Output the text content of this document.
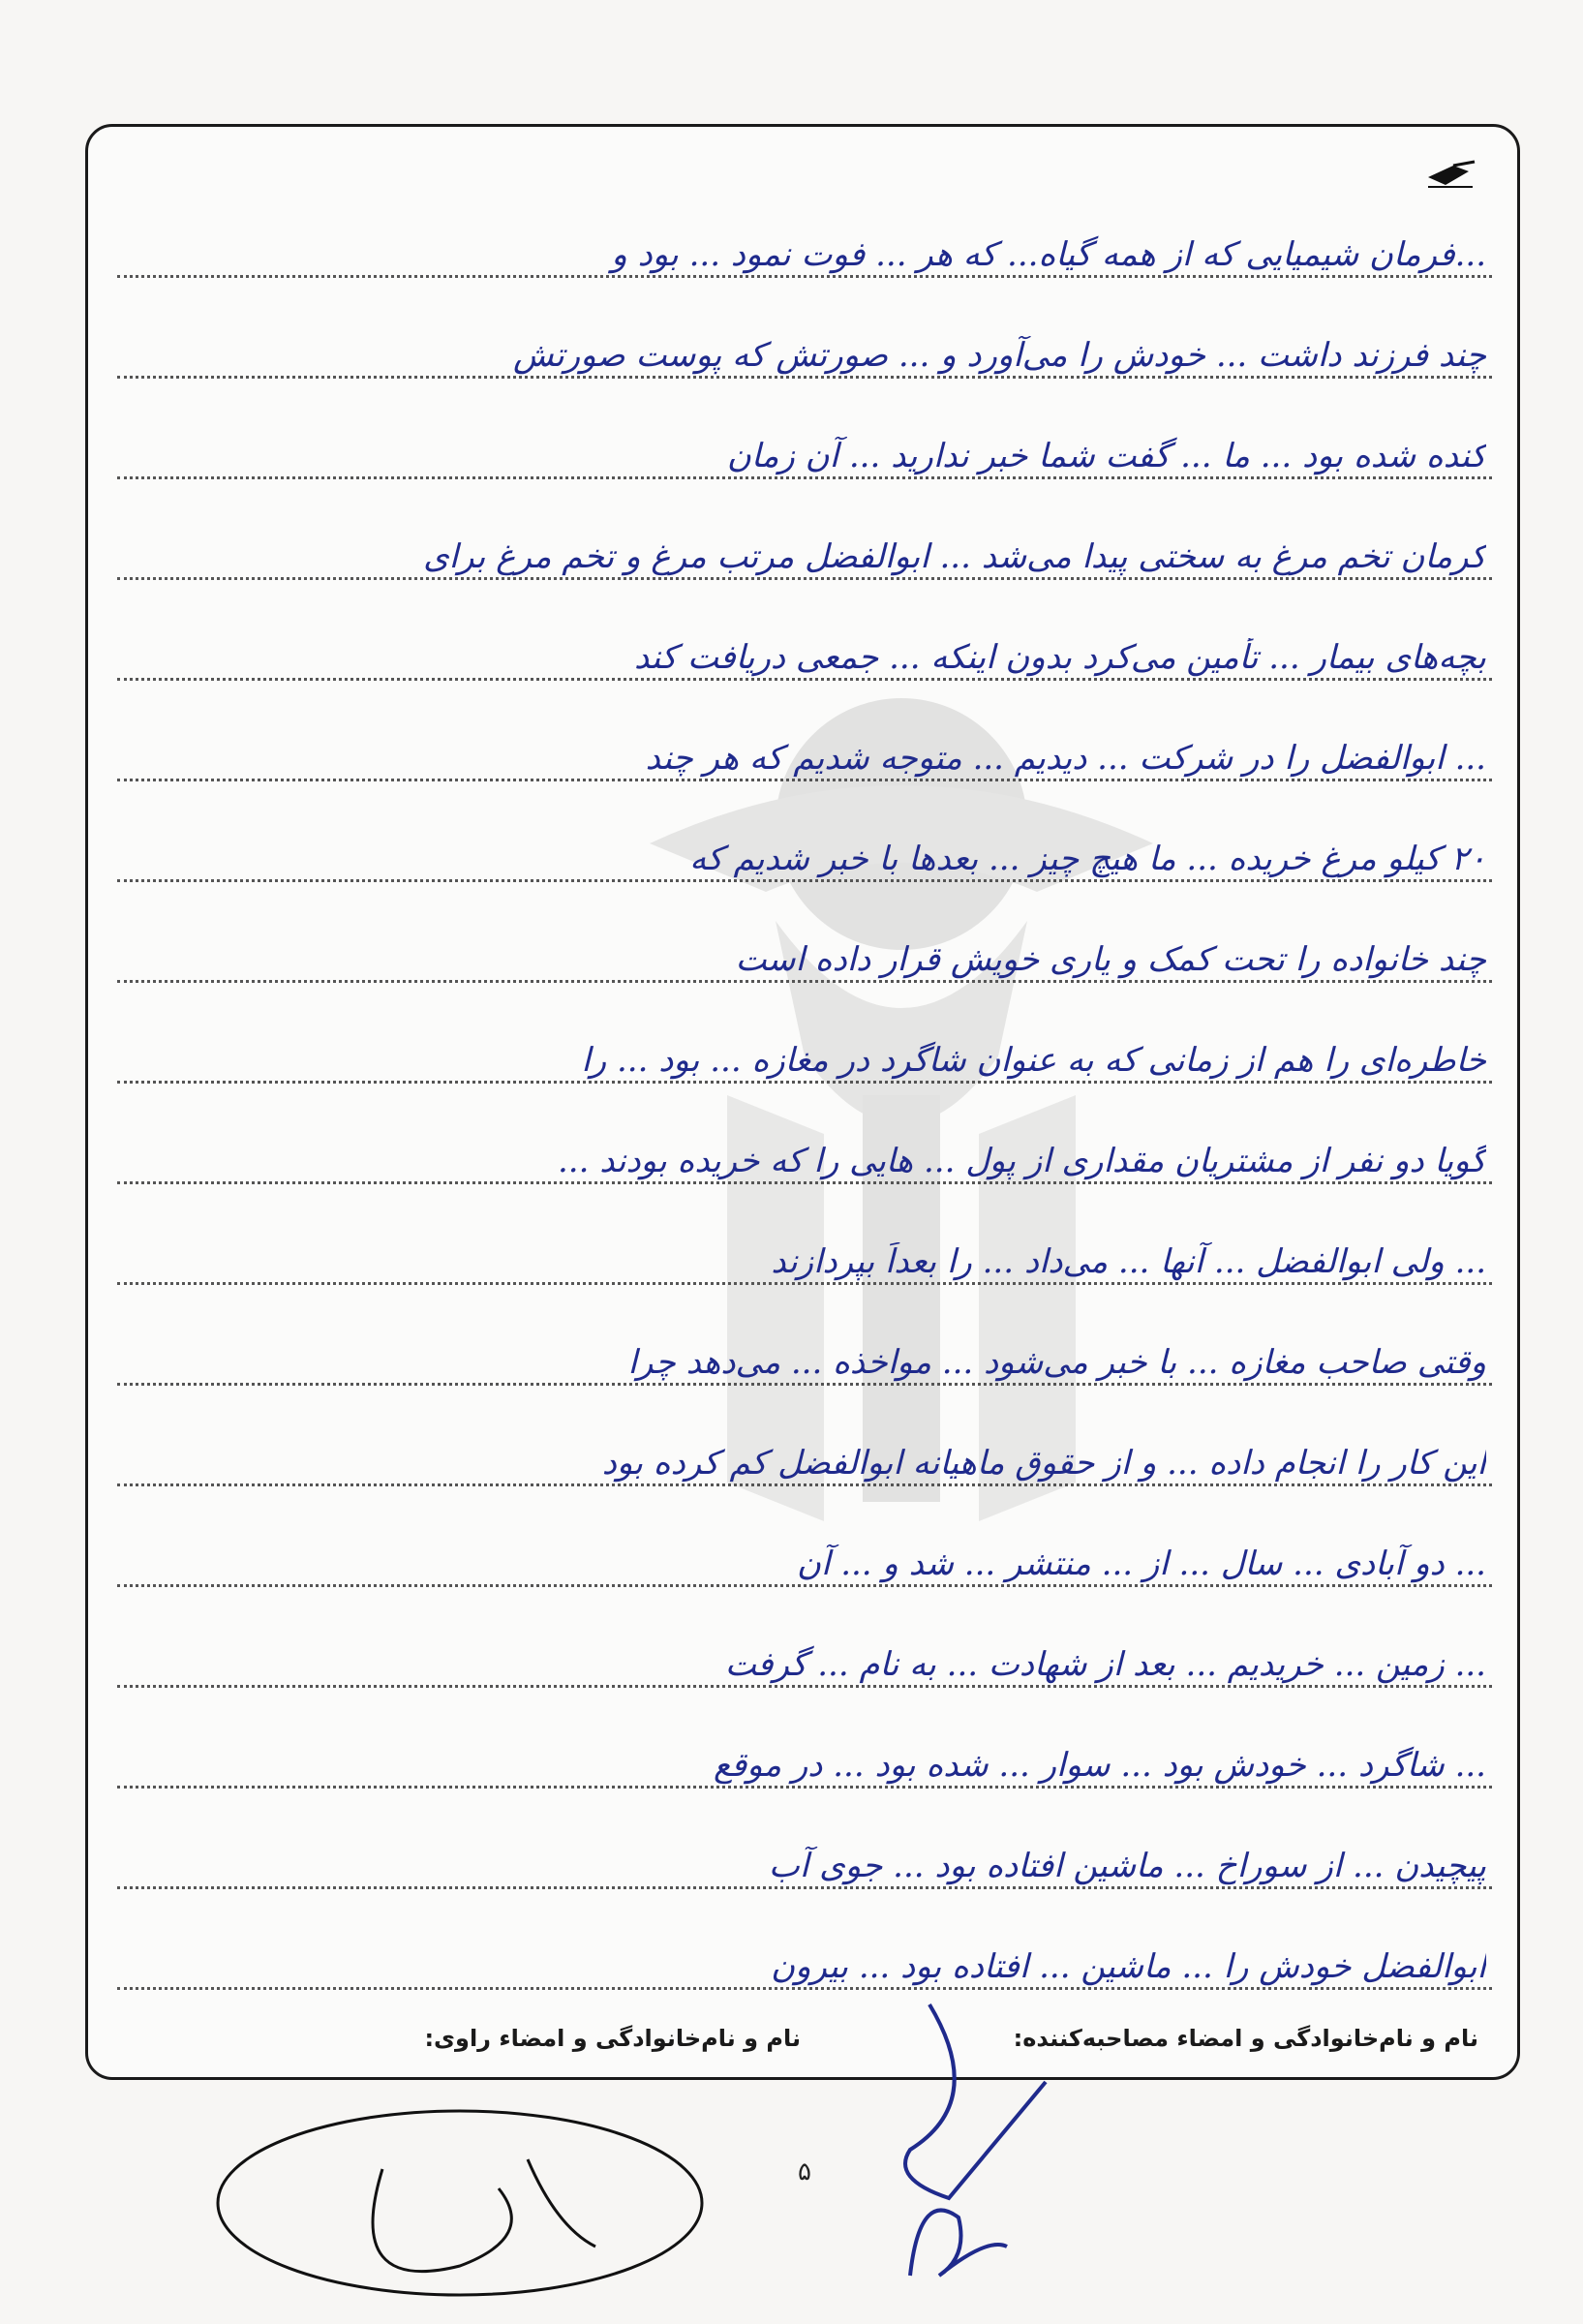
...فرمان شیمیایی که از همه گیاه... که هر ... فوت نمود ... بود و
چند فرزند داشت ... خودش را می‌آورد و ... صورتش که پوست صورتش
کنده شده بود ... ما ... گفت شما خبر ندارید ... آن زمان
کرمان تخم مرغ به سختی پیدا می‌شد ... ابوالفضل مرتب مرغ و تخم مرغ برای
بچه‌های بیمار ... تأمین می‌کرد بدون اینکه ... جمعی دریافت کند
... ابوالفضل را در شرکت ... دیدیم ... متوجه شدیم که هر چند
۲۰ کیلو مرغ خریده ... ما هیچ چیز ... بعدها با خبر شدیم که
چند خانواده را تحت کمک و یاری خویش قرار داده است
خاطره‌ای را هم از زمانی که به عنوان شاگرد در مغازه ... بود ... را
گویا دو نفر از مشتریان مقداری از پول ... هایی را که خریده بودند ...
... ولی ابوالفضل ... آنها ... می‌داد ... را بعداً بپردازند
وقتی صاحب مغازه ... با خبر می‌شود ... مواخذه ... می‌دهد چرا
این کار را انجام داده ... و از حقوق ماهیانه ابوالفضل کم کرده بود
... دو آبادی ... سال ... از ... منتشر ... شد و ... آن
... زمین ... خریدیم ... بعد از شهادت ... به نام ... گرفت
... شاگرد ... خودش بود ... سوار ... شده بود ... در موقع
پیچیدن ... از سوراخ ... ماشین افتاده بود ... جوی آب
ابوالفضل خودش را ... ماشین ... افتاده بود ... بیرون
نام و نام‌خانوادگی و امضاء مصاحبه‌کننده:
نام و نام‌خانوادگی و امضاء راوی:
۵
